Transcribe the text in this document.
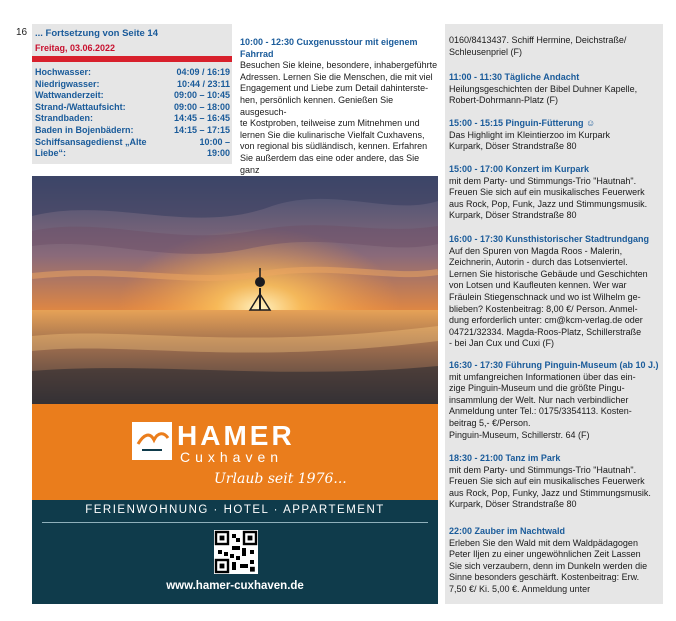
16 ... Fortsetzung von Seite 14
Freitag, 03.06.2022
Hochwasser:	04:09 / 16:19
Niedrigwasser:	10:44 / 23:11
Wattwanderzeit:	09:00 – 10:45
Strand-/Wattaufsicht:	09:00 – 18:00
Strandbaden:	14:45 – 16:45
Baden in Bojenbädern:	14:15 – 17:15
Schiffsansagedienst „Alte Liebe“:
10:00 – 19:00
10:00 - 12:30 Cuxgenusstour mit eigenem Fahrrad
Besuchen Sie kleine, besondere, inhabergeführte
Adressen. Lernen Sie die Menschen, die mit viel
Engagement und Liebe zum Detail dahinterste-
hen, persönlich kennen. Genießen Sie ausgesuch-
te Kostproben, teilweise zum Mitnehmen und
lernen Sie die kulinarische Vielfalt Cuxhavens,
von regional bis südländisch, kennen. Erfahren
Sie außerdem das eine oder andere, das Sie ganz
0160/8413437. Schiff Hermine, Deichstraße/
Schleusenpriel (F)
11:00 - 11:30 Tägliche Andacht
Heilungsgeschichten der Bibel Duhner Kapelle,
Robert-Dohrmann-Platz (F)
15:00 - 15:15 Pinguin-Fütterung ☺
Das Highlight im Kleintierzoo im Kurpark
Kurpark, Döser Strandstraße 80
15:00 - 17:00 Konzert im Kurpark
mit dem Party- und Stimmungs-Trio "Hautnah".
Freuen Sie sich auf ein musikalisches Feuerwerk
aus Rock, Pop, Funk, Jazz und Stimmungsmusik.
Kurpark, Döser Strandstraße 80
16:00 - 17:30 Kunsthistorischer Stadtrundgang
Auf den Spuren von Magda Roos - Malerin,
Zeichnerin, Autorin - durch das Lotsenviertel.
Lernen Sie historische Gebäude und Geschichten
von Lotsen und Kaufleuten kennen. Wer war
Fräulein Stiegenschnack und wo ist Wilhelm ge-
blieben? Kostenbeitrag: 8,00 €/ Person. Anmel-
dung erforderlich unter: cm@kcm-verlag.de oder
04721/32334. Magda-Roos-Platz, Schillerstraße
- bei Jan Cux und Cuxi (F)
16:30 - 17:30 Führung Pinguin-Museum (ab 10 J.)
mit umfangreichen Informationen über das ein-
zige Pinguin-Museum und die größte Pingu-
insammlung der Welt. Nur nach verbindlicher
Anmeldung unter Tel.: 0175/3354113. Kosten-
beitrag 5,- €/Person.
Pinguin-Museum, Schillerstr. 64 (F)
18:30 - 21:00 Tanz im Park
mit dem Party- und Stimmungs-Trio "Hautnah".
Freuen Sie sich auf ein musikalisches Feuerwerk
aus Rock, Pop, Funky, Jazz und Stimmungsmusik.
Kurpark, Döser Strandstraße 80
22:00 Zauber im Nachtwald
Erleben Sie den Wald mit dem Waldpädagogen
Peter Iljen zu einer ungewöhnlichen Zeit Lassen
Sie sich verzaubern, denn im Dunkeln werden die
Sinne besonders geschärft. Kostenbeitrag: Erw.
7,50 €/ Ki. 5,00 €. Anmeldung unter
HAMER
Cuxhaven
Urlaub seit 1976...
FERIENWOHNUNG · HOTEL · APPARTEMENT
www.hamer-cuxhaven.de
